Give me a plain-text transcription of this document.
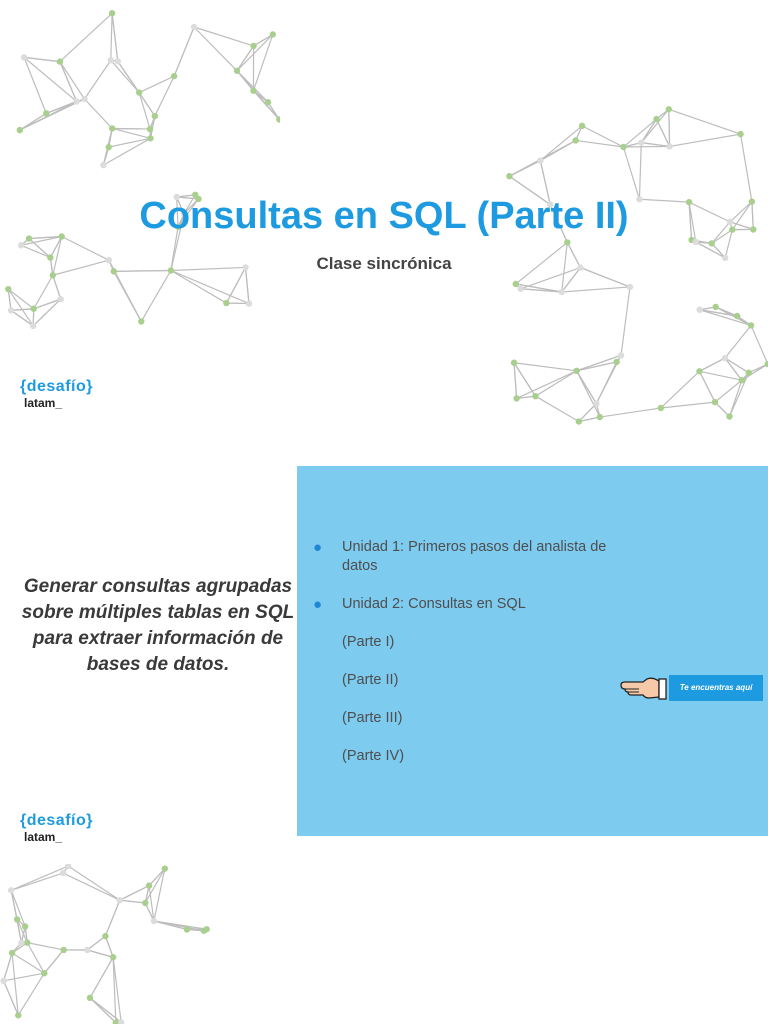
Consultas en SQL (Parte II)

Clase sincrónica

{desafío}
latam_
Generar consultas agrupadas sobre múltiples tablas en SQL para extraer información de bases de datos.
● Unidad 1: Primeros pasos del analista de datos
● Unidad 2: Consultas en SQL
(Parte I)
(Parte II)
(Parte III)
(Parte IV)
Te encuentras aquí
{desafío}
latam_
